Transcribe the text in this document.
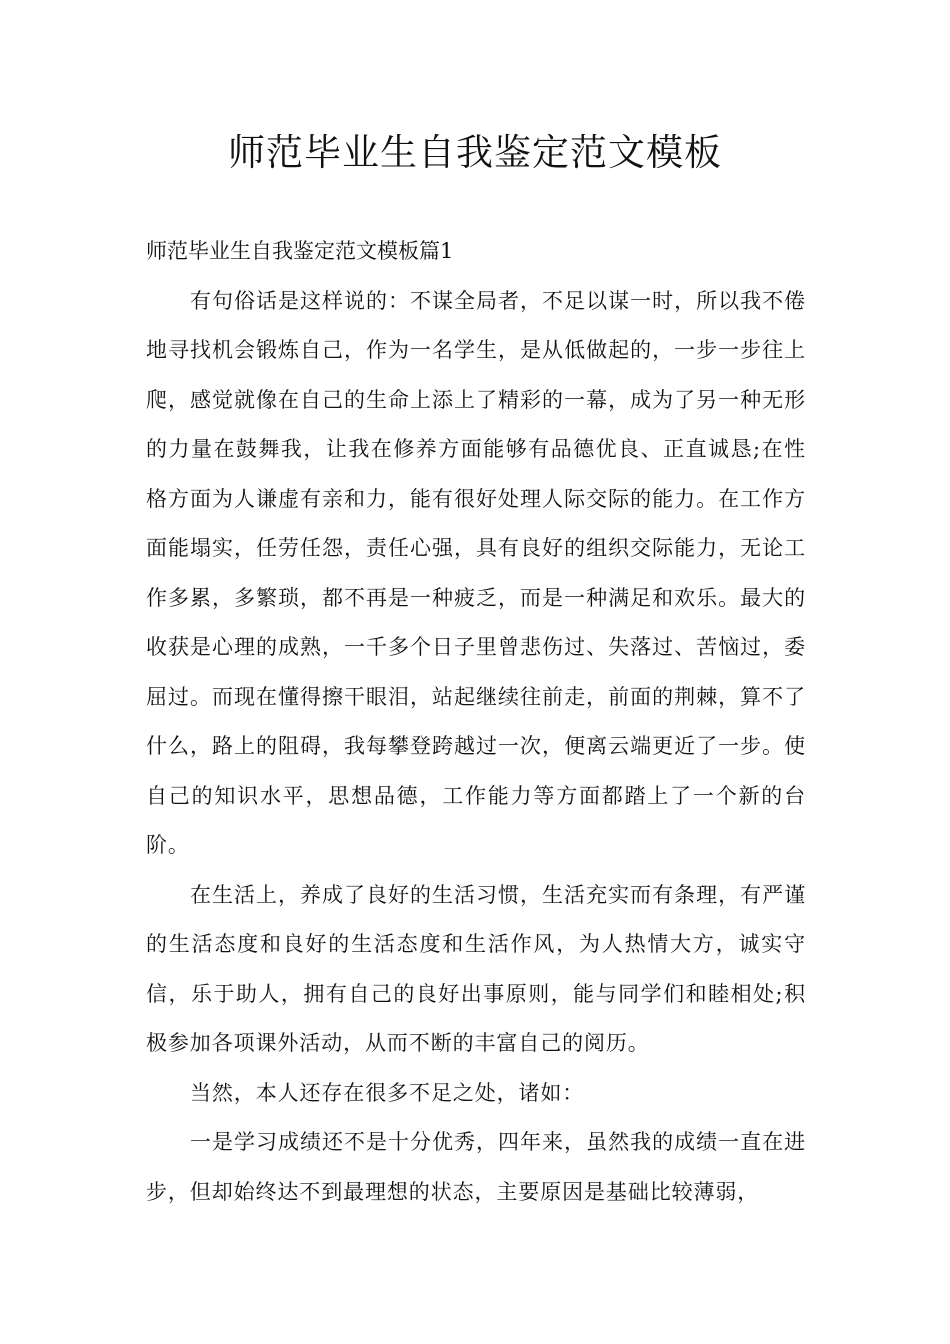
师范毕业生自我鉴定范文模板

师范毕业生自我鉴定范文模板篇1

有句俗话是这样说的：不谋全局者，不足以谋一时，所以我不倦地寻找机会锻炼自己，作为一名学生，是从低做起的，一步一步往上爬，感觉就像在自己的生命上添上了精彩的一幕，成为了另一种无形的力量在鼓舞我，让我在修养方面能够有品德优良、正直诚恳;在性格方面为人谦虚有亲和力，能有很好处理人际交际的能力。在工作方面能塌实，任劳任怨，责任心强，具有良好的组织交际能力，无论工作多累，多繁琐，都不再是一种疲乏，而是一种满足和欢乐。最大的收获是心理的成熟，一千多个日子里曾悲伤过、失落过、苦恼过，委屈过。而现在懂得擦干眼泪，站起继续往前走，前面的荆棘，算不了什么，路上的阻碍，我每攀登跨越过一次，便离云端更近了一步。使自己的知识水平，思想品德，工作能力等方面都踏上了一个新的台阶。

在生活上，养成了良好的生活习惯，生活充实而有条理，有严谨的生活态度和良好的生活态度和生活作风，为人热情大方，诚实守信，乐于助人，拥有自己的良好出事原则，能与同学们和睦相处;积极参加各项课外活动，从而不断的丰富自己的阅历。

当然，本人还存在很多不足之处，诸如：

一是学习成绩还不是十分优秀，四年来，虽然我的成绩一直在进步，但却始终达不到最理想的状态，主要原因是基础比较薄弱，
